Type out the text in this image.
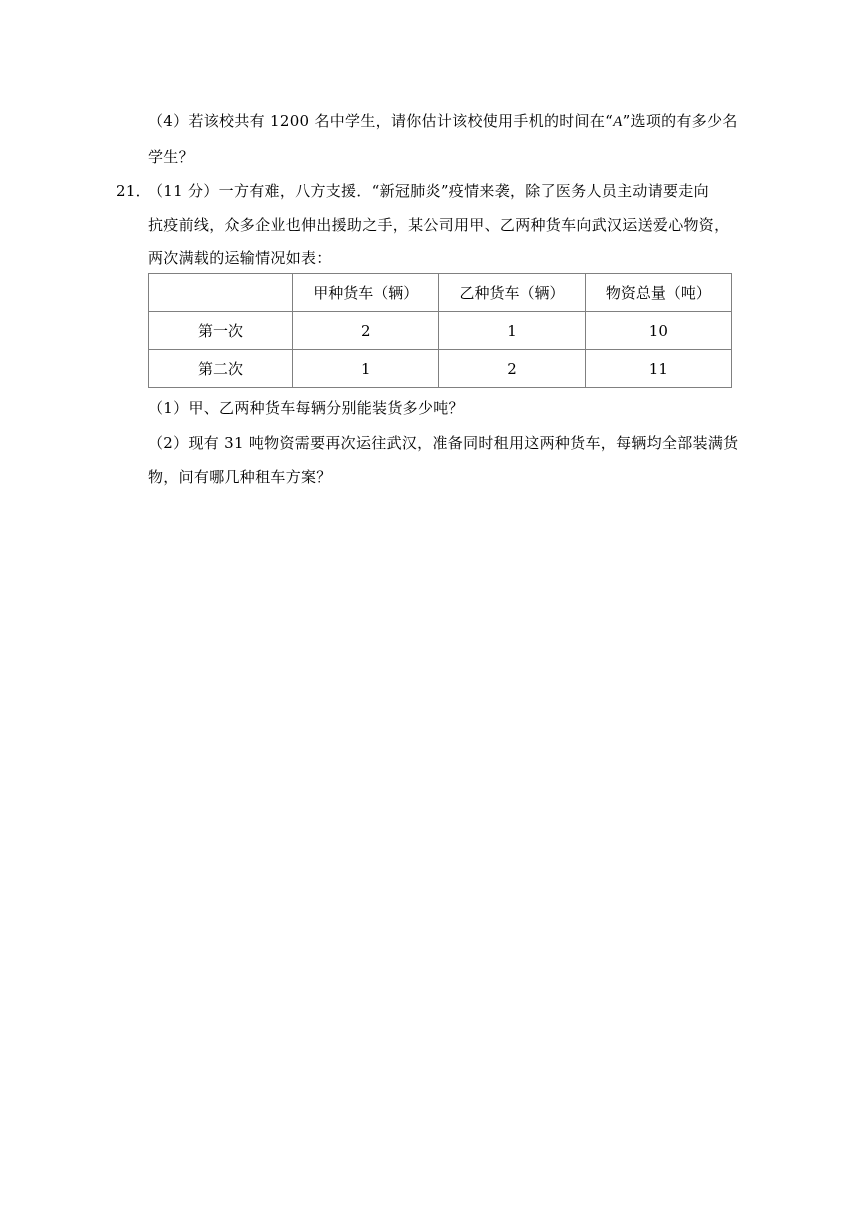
（4）若该校共有 1200 名中学生，请你估计该校使用手机的时间在“A”选项的有多少名
学生？
21．
（11 分）一方有难，八方支援．“新冠肺炎”疫情来袭，除了医务人员主动请要走向
抗疫前线，众多企业也伸出援助之手，某公司用甲、乙两种货车向武汉运送爱心物资，
两次满载的运输情况如表：
	甲种货车（辆）	乙种货车（辆）	物资总量（吨）
第一次	2	1	10
第二次	1	2	11
（1）甲、乙两种货车每辆分别能装货多少吨？
（2）现有 31 吨物资需要再次运往武汉，准备同时租用这两种货车，每辆均全部装满货
物，问有哪几种租车方案？
